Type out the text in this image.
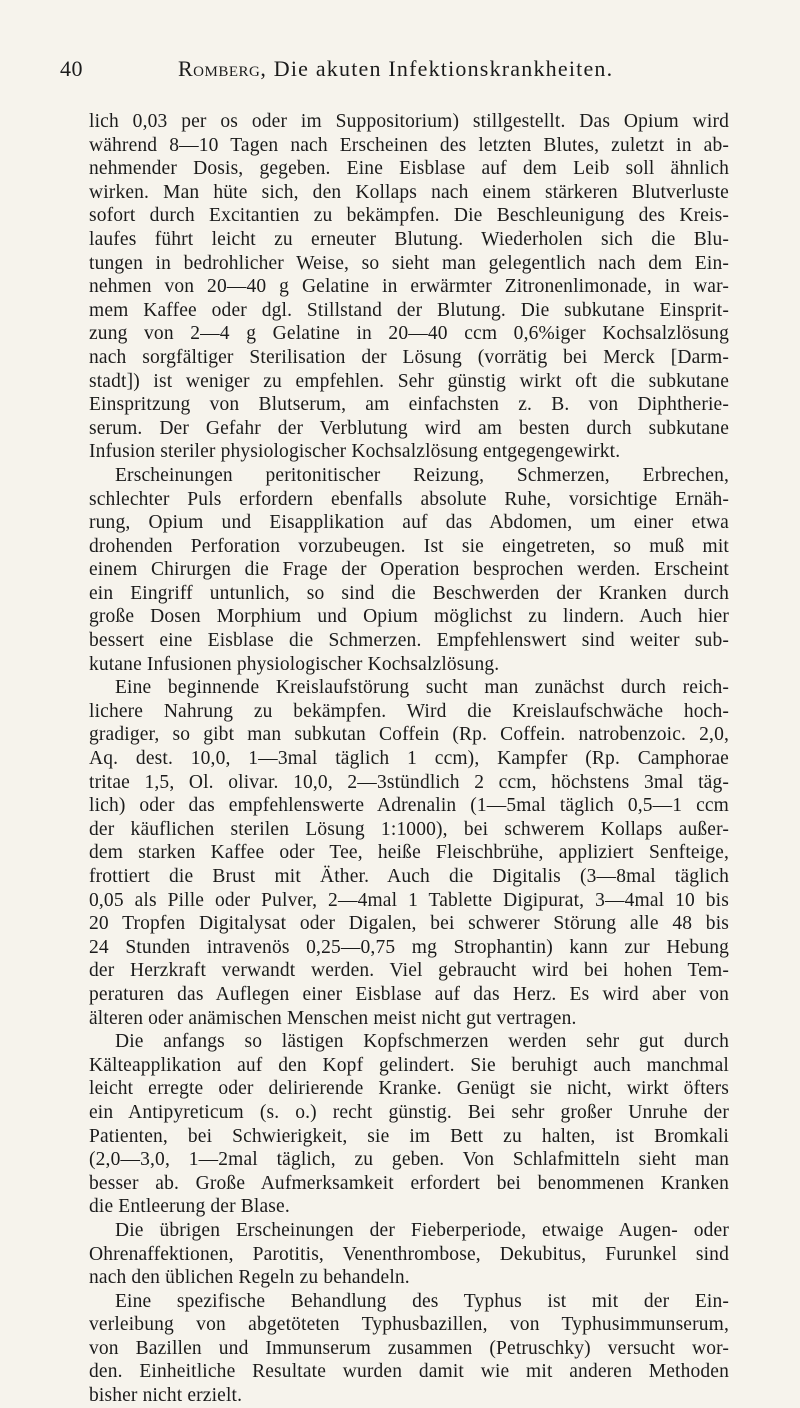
40	Romberg, Die akuten Infektionskrankheiten.
lich 0,03 per os oder im Suppositorium) stillgestellt. Das Opium wird
während 8—10 Tagen nach Erscheinen des letzten Blutes, zuletzt in ab-
nehmender Dosis, gegeben. Eine Eisblase auf dem Leib soll ähnlich
wirken. Man hüte sich, den Kollaps nach einem stärkeren Blutverluste
sofort durch Excitantien zu bekämpfen. Die Beschleunigung des Kreis-
laufes führt leicht zu erneuter Blutung. Wiederholen sich die Blu-
tungen in bedrohlicher Weise, so sieht man gelegentlich nach dem Ein-
nehmen von 20—40 g Gelatine in erwärmter Zitronenlimonade, in war-
mem Kaffee oder dgl. Stillstand der Blutung. Die subkutane Einsprit-
zung von 2—4 g Gelatine in 20—40 ccm 0,6%iger Kochsalzlösung
nach sorgfältiger Sterilisation der Lösung (vorrätig bei Merck [Darm-
stadt]) ist weniger zu empfehlen. Sehr günstig wirkt oft die subkutane
Einspritzung von Blutserum, am einfachsten z. B. von Diphtherie-
serum. Der Gefahr der Verblutung wird am besten durch subkutane
Infusion steriler physiologischer Kochsalzlösung entgegengewirkt.
Erscheinungen peritonitischer Reizung, Schmerzen, Erbrechen,
schlechter Puls erfordern ebenfalls absolute Ruhe, vorsichtige Ernäh-
rung, Opium und Eisapplikation auf das Abdomen, um einer etwa
drohenden Perforation vorzubeugen. Ist sie eingetreten, so muß mit
einem Chirurgen die Frage der Operation besprochen werden. Erscheint
ein Eingriff untunlich, so sind die Beschwerden der Kranken durch
große Dosen Morphium und Opium möglichst zu lindern. Auch hier
bessert eine Eisblase die Schmerzen. Empfehlenswert sind weiter sub-
kutane Infusionen physiologischer Kochsalzlösung.
Eine beginnende Kreislaufstörung sucht man zunächst durch reich-
lichere Nahrung zu bekämpfen. Wird die Kreislaufschwäche hoch-
gradiger, so gibt man subkutan Coffein (Rp. Coffein. natrobenzoic. 2,0,
Aq. dest. 10,0, 1—3mal täglich 1 ccm), Kampfer (Rp. Camphorae
tritae 1,5, Ol. olivar. 10,0, 2—3stündlich 2 ccm, höchstens 3mal täg-
lich) oder das empfehlenswerte Adrenalin (1—5mal täglich 0,5—1 ccm
der käuflichen sterilen Lösung 1:1000), bei schwerem Kollaps außer-
dem starken Kaffee oder Tee, heiße Fleischbrühe, appliziert Senfteige,
frottiert die Brust mit Äther. Auch die Digitalis (3—8mal täglich
0,05 als Pille oder Pulver, 2—4mal 1 Tablette Digipurat, 3—4mal 10 bis
20 Tropfen Digitalysat oder Digalen, bei schwerer Störung alle 48 bis
24 Stunden intravenös 0,25—0,75 mg Strophantin) kann zur Hebung
der Herzkraft verwandt werden. Viel gebraucht wird bei hohen Tem-
peraturen das Auflegen einer Eisblase auf das Herz. Es wird aber von
älteren oder anämischen Menschen meist nicht gut vertragen.
Die anfangs so lästigen Kopfschmerzen werden sehr gut durch
Kälteapplikation auf den Kopf gelindert. Sie beruhigt auch manchmal
leicht erregte oder delirierende Kranke. Genügt sie nicht, wirkt öfters
ein Antipyreticum (s. o.) recht günstig. Bei sehr großer Unruhe der
Patienten, bei Schwierigkeit, sie im Bett zu halten, ist Bromkali
(2,0—3,0, 1—2mal täglich, zu geben. Von Schlafmitteln sieht man
besser ab. Große Aufmerksamkeit erfordert bei benommenen Kranken
die Entleerung der Blase.
Die übrigen Erscheinungen der Fieberperiode, etwaige Augen- oder
Ohrenaffektionen, Parotitis, Venenthrombose, Dekubitus, Furunkel sind
nach den üblichen Regeln zu behandeln.
Eine spezifische Behandlung des Typhus ist mit der Ein-
verleibung von abgetöteten Typhusbazillen, von Typhusimmunserum,
von Bazillen und Immunserum zusammen (Petruschky) versucht wor-
den. Einheitliche Resultate wurden damit wie mit anderen Methoden
bisher nicht erzielt.
